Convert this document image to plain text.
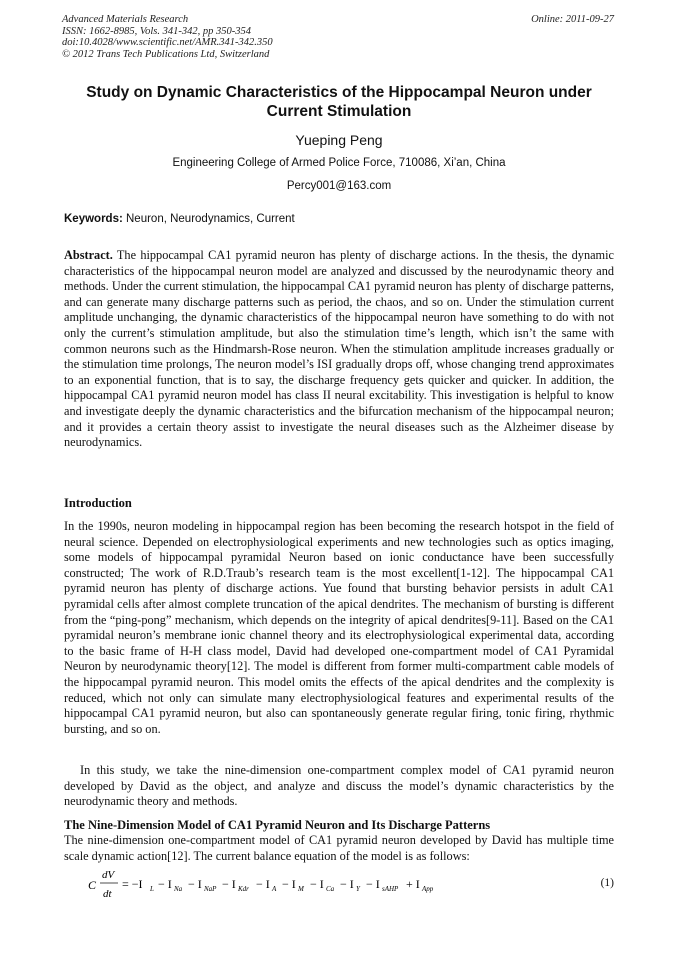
Advanced Materials Research
ISSN: 1662-8985, Vols. 341-342, pp 350-354
doi:10.4028/www.scientific.net/AMR.341-342.350
© 2012 Trans Tech Publications Ltd, Switzerland
Online: 2011-09-27
Study on Dynamic Characteristics of the Hippocampal Neuron under Current Stimulation
Yueping Peng
Engineering College of Armed Police Force, 710086, Xi’an, China
Percy001@163.com
Keywords: Neuron, Neurodynamics, Current
Abstract. The hippocampal CA1 pyramid neuron has plenty of discharge actions. In the thesis, the dynamic characteristics of the hippocampal neuron model are analyzed and discussed by the neurodynamic theory and methods. Under the current stimulation, the hippocampal CA1 pyramid neuron has plenty of discharge patterns, and can generate many discharge patterns such as period, the chaos, and so on. Under the stimulation current amplitude unchanging, the dynamic characteristics of the hippocampal neuron have something to do with not only the current’s stimulation amplitude, but also the stimulation time’s length, which isn’t the same with common neurons such as the Hindmarsh-Rose neuron. When the stimulation amplitude increases gradually or the stimulation time prolongs, The neuron model’s ISI gradually drops off, whose changing trend approximates to an exponential function, that is to say, the discharge frequency gets quicker and quicker. In addition, the hippocampal CA1 pyramid neuron model has class II neural excitability. This investigation is helpful to know and investigate deeply the dynamic characteristics and the bifurcation mechanism of the hippocampal neuron; and it provides a certain theory assist to investigate the neural diseases such as the Alzheimer disease by neurodynamics.
Introduction
In the 1990s, neuron modeling in hippocampal region has been becoming the research hotspot in the field of neural science. Depended on electrophysiological experiments and new technologies such as optics imaging, some models of hippocampal pyramidal Neuron based on ionic conductance have been successfully constructed; The work of R.D.Traub’s research team is the most excellent[1-12]. The hippocampal CA1 pyramid neuron has plenty of discharge actions. Yue found that bursting behavior persists in adult CA1 pyramidal cells after almost complete truncation of the apical dendrites. The mechanism of bursting is different from the “ping-pong” mechanism, which depends on the integrity of apical dendrites[9-11]. Based on the CA1 pyramidal neuron’s membrane ionic channel theory and its electrophysiological experimental data, according to the basic frame of H-H class model, David had developed one-compartment model of CA1 Pyramidal Neuron by neurodynamic theory[12]. The model is different from former multi-compartment cable models of the hippocampal pyramid neuron. This model omits the effects of the apical dendrites and the complexity is reduced, which not only can simulate many electrophysiological features and experimental results of the hippocampal CA1 pyramid neuron, but also can spontaneously generate regular firing, tonic firing, rhythmic bursting, and so on.
In this study, we take the nine-dimension one-compartment complex model of CA1 pyramid neuron developed by David as the object, and analyze and discuss the model’s dynamic characteristics by the neurodynamic theory and methods.
The Nine-Dimension Model of CA1 Pyramid Neuron and Its Discharge Patterns
The nine-dimension one-compartment model of CA1 pyramid neuron developed by David has multiple time scale dynamic action[12]. The current balance equation of the model is as follows:
C
dV
dt
= −I L − I Na − I NaP − I Kdr − I A − I M − I Ca − I Y − I sAHP + I App	(1)
